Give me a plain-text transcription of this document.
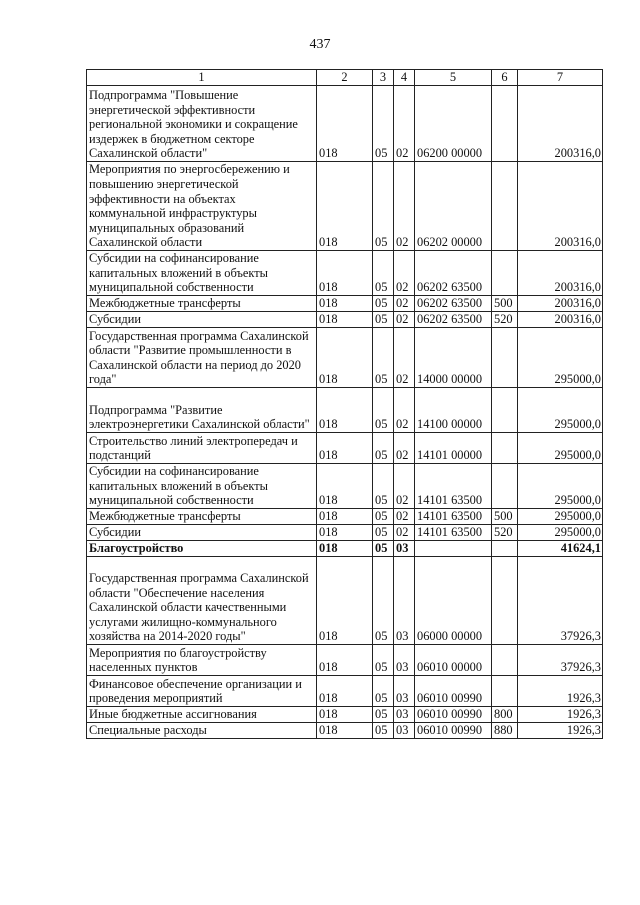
437
1	2	3	4	5	6	7
Подпрограмма "Повышение энергетической эффективности региональной экономики и сокращение издержек в бюджетном секторе Сахалинской области"	018	05	02	06200 00000		200316,0
Мероприятия по энергосбережению и повышению энергетической эффективности на объектах коммунальной инфраструктуры муниципальных образований Сахалинской области	018	05	02	06202 00000		200316,0
Субсидии на софинансирование капитальных вложений в объекты муниципальной собственности	018	05	02	06202 63500		200316,0
Межбюджетные трансферты	018	05	02	06202 63500	500	200316,0
Субсидии	018	05	02	06202 63500	520	200316,0
Государственная программа Сахалинской области "Развитие промышленности в Сахалинской области на период до 2020 года"	018	05	02	14000 00000		295000,0
Подпрограмма "Развитие электроэнергетики Сахалинской области"	018	05	02	14100 00000		295000,0
Строительство линий электропередач и подстанций	018	05	02	14101 00000		295000,0
Субсидии на софинансирование капитальных вложений в объекты муниципальной собственности	018	05	02	14101 63500		295000,0
Межбюджетные трансферты	018	05	02	14101 63500	500	295000,0
Субсидии	018	05	02	14101 63500	520	295000,0
Благоустройство	018	05	03			41624,1
Государственная программа Сахалинской области "Обеспечение населения Сахалинской области качественными услугами жилищно-коммунального хозяйства на 2014-2020 годы"	018	05	03	06000 00000		37926,3
Мероприятия по благоустройству населенных пунктов	018	05	03	06010 00000		37926,3
Финансовое обеспечение организации и проведения мероприятий	018	05	03	06010 00990		1926,3
Иные бюджетные ассигнования	018	05	03	06010 00990	800	1926,3
Специальные расходы	018	05	03	06010 00990	880	1926,3
